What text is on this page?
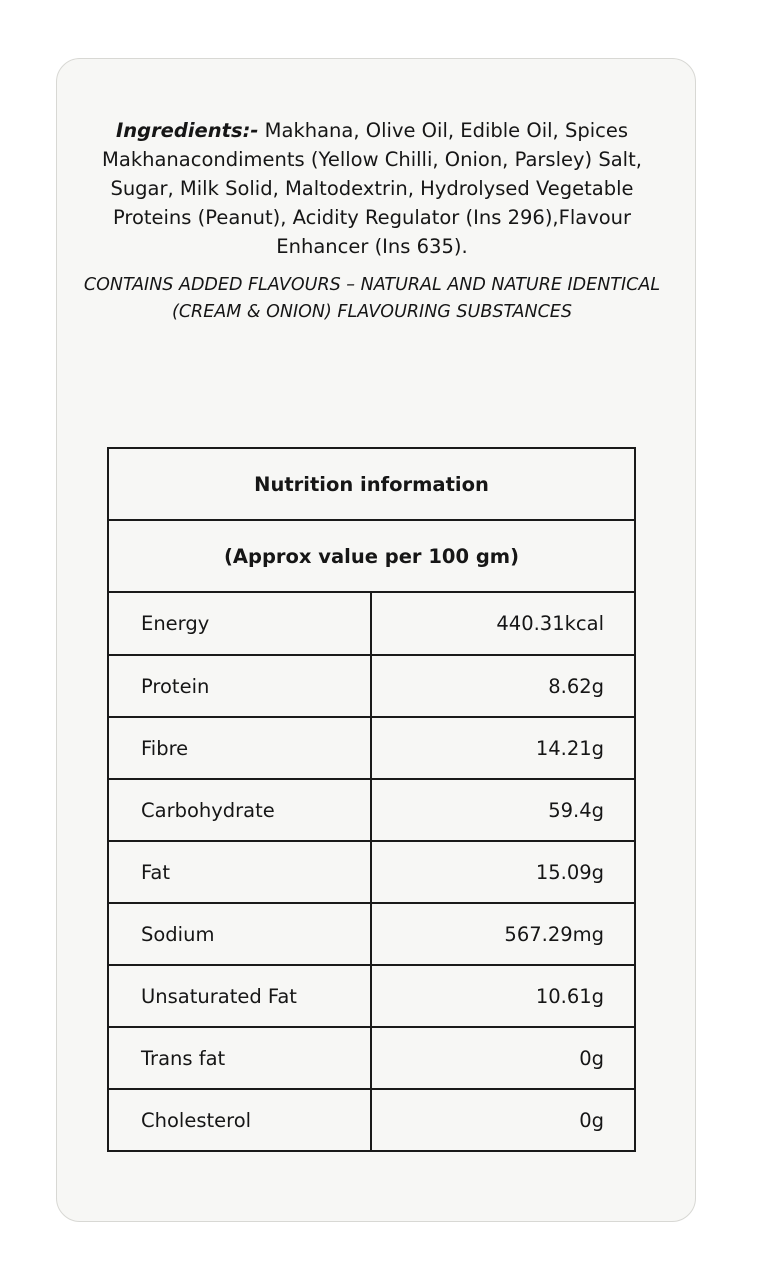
Ingredients:- Makhana, Olive Oil, Edible Oil, Spices Makhanacondiments (Yellow Chilli, Onion, Parsley) Salt, Sugar, Milk Solid, Maltodextrin, Hydrolysed Vegetable Proteins (Peanut), Acidity Regulator (Ins 296),Flavour Enhancer (Ins 635).

CONTAINS ADDED FLAVOURS – NATURAL AND NATURE IDENTICAL (CREAM & ONION) FLAVOURING SUBSTANCES

Nutrition information	
(Approx value per 100 gm)	
Energy	440.31kcal
Protein	8.62g
Fibre	14.21g
Carbohydrate	59.4g
Fat	15.09g
Sodium	567.29mg
Unsaturated Fat	10.61g
Trans fat	0g
Cholesterol	0g
